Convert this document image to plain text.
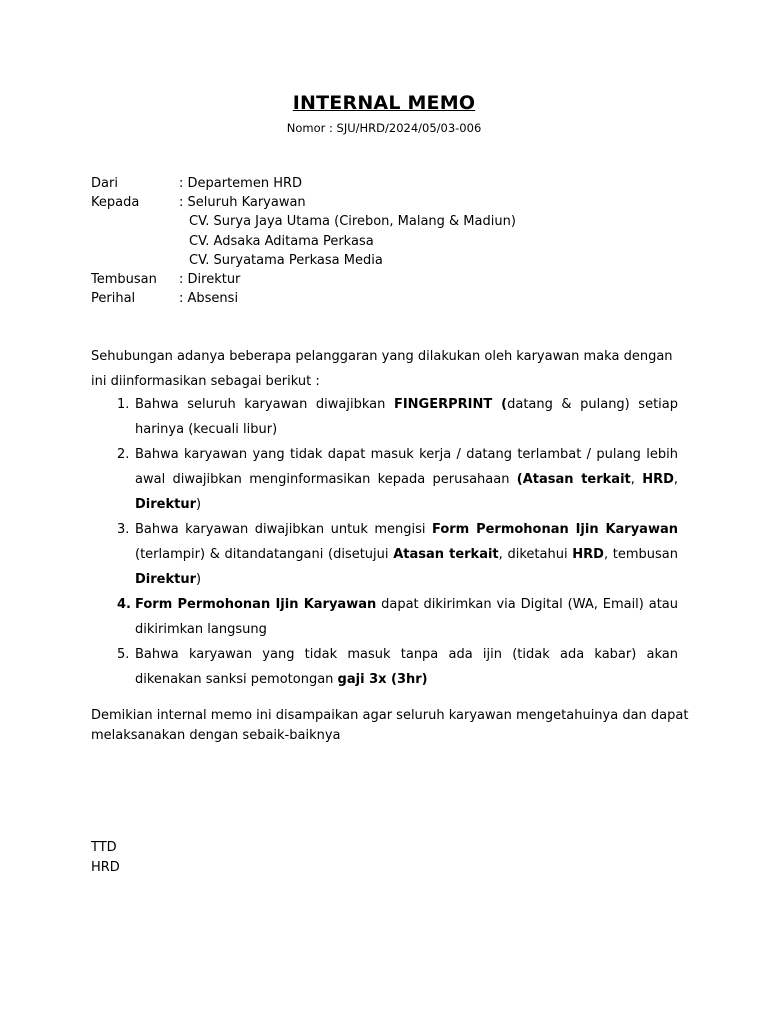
INTERNAL MEMO
Nomor : SJU/HRD/2024/05/03-006
Dari	: Departemen HRD
Kepada	: Seluruh Karyawan
CV. Surya Jaya Utama (Cirebon, Malang & Madiun)
CV. Adsaka Aditama Perkasa
CV. Suryatama Perkasa Media
Tembusan	: Direktur
Perihal	: Absensi
Sehubungan adanya beberapa pelanggaran yang dilakukan oleh karyawan maka dengan ini diinformasikan sebagai berikut :
1. Bahwa seluruh karyawan diwajibkan FINGERPRINT (datang & pulang) setiap harinya (kecuali libur)
2. Bahwa karyawan yang tidak dapat masuk kerja / datang terlambat / pulang lebih awal diwajibkan menginformasikan kepada perusahaan (Atasan terkait, HRD, Direktur)
3. Bahwa karyawan diwajibkan untuk mengisi Form Permohonan Ijin Karyawan (terlampir) & ditandatangani (disetujui Atasan terkait, diketahui HRD, tembusan Direktur)
4. Form Permohonan Ijin Karyawan dapat dikirimkan via Digital (WA, Email) atau dikirimkan langsung
5. Bahwa karyawan yang tidak masuk tanpa ada ijin (tidak ada kabar) akan dikenakan sanksi pemotongan gaji 3x (3hr)
Demikian internal memo ini disampaikan agar seluruh karyawan mengetahuinya dan dapat melaksanakan dengan sebaik-baiknya
TTD
HRD
